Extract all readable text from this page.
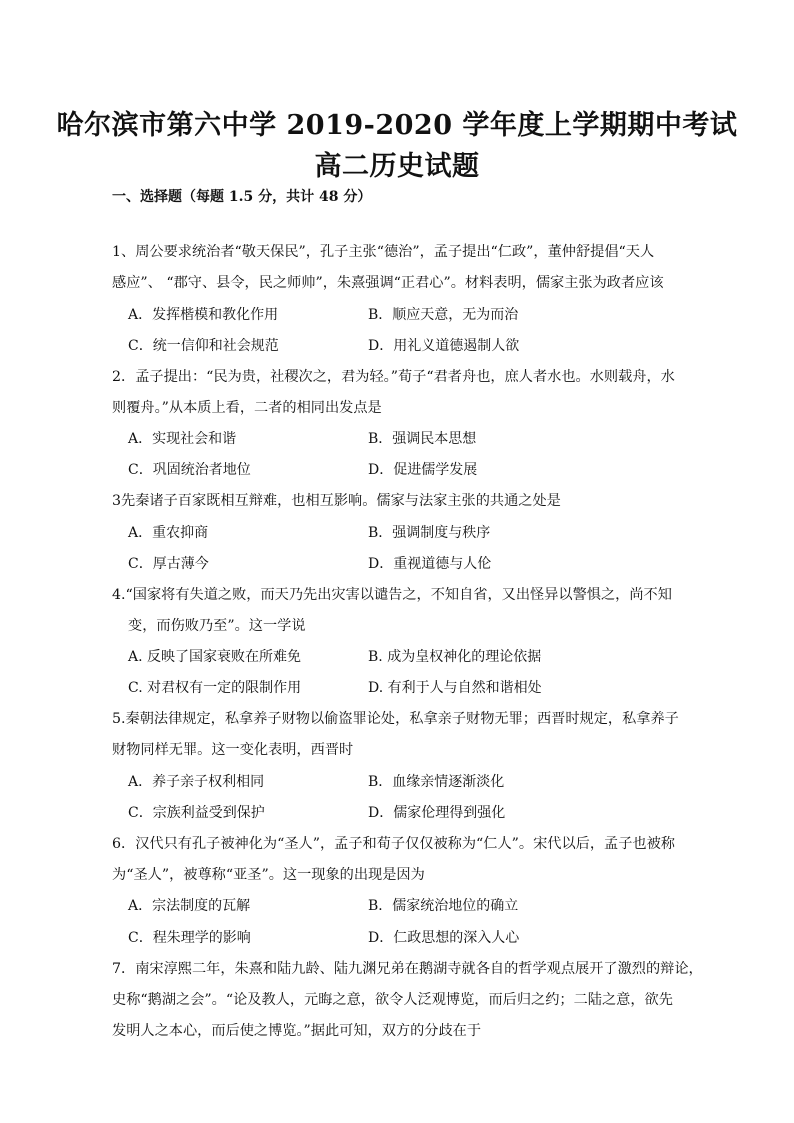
哈尔滨市第六中学 2019-2020 学年度上学期期中考试
高二历史试题
一、选择题（每题 1.5 分，共计 48 分）
1、周公要求统治者“敬天保民”，孔子主张“德治”，孟子提出“仁政”，董仲舒提倡“天人
感应”、 “郡守、县令，民之师帅”，朱熹强调“正君心”。材料表明，儒家主张为政者应该
A．发挥楷模和教化作用	B．顺应天意，无为而治
C．统一信仰和社会规范	D．用礼义道德遏制人欲
2．孟子提出：“民为贵，社稷次之，君为轻。”荀子“君者舟也，庶人者水也。水则载舟，水
则覆舟。”从本质上看，二者的相同出发点是
A．实现社会和谐	B．强调民本思想
C．巩固统治者地位	D．促进儒学发展
3先秦诸子百家既相互辩难，也相互影响。儒家与法家主张的共通之处是
A．重农抑商	B．强调制度与秩序
C．厚古薄今	D．重视道德与人伦
4.“国家将有失道之败，而天乃先出灾害以谴告之，不知自省，又出怪异以警惧之，尚不知
变，而伤败乃至”。这一学说
A. 反映了国家衰败在所难免	B. 成为皇权神化的理论依据
C. 对君权有一定的限制作用	D. 有利于人与自然和谐相处
5.秦朝法律规定，私拿养子财物以偷盗罪论处，私拿亲子财物无罪；西晋时规定，私拿养子
财物同样无罪。这一变化表明，西晋时
A．养子亲子权利相同	B．血缘亲情逐渐淡化
C．宗族利益受到保护	D．儒家伦理得到强化
6．汉代只有孔子被神化为“圣人”，孟子和荀子仅仅被称为“仁人”。宋代以后，孟子也被称
为“圣人”，被尊称“亚圣”。这一现象的出现是因为
A．宗法制度的瓦解	B．儒家统治地位的确立
C．程朱理学的影响	D．仁政思想的深入人心
7．南宋淳熙二年，朱熹和陆九龄、陆九渊兄弟在鹅湖寺就各自的哲学观点展开了激烈的辩论，
史称“鹅湖之会”。“论及教人，元晦之意，欲令人泛观博览，而后归之约；二陆之意，欲先
发明人之本心，而后使之博览。”据此可知，双方的分歧在于
